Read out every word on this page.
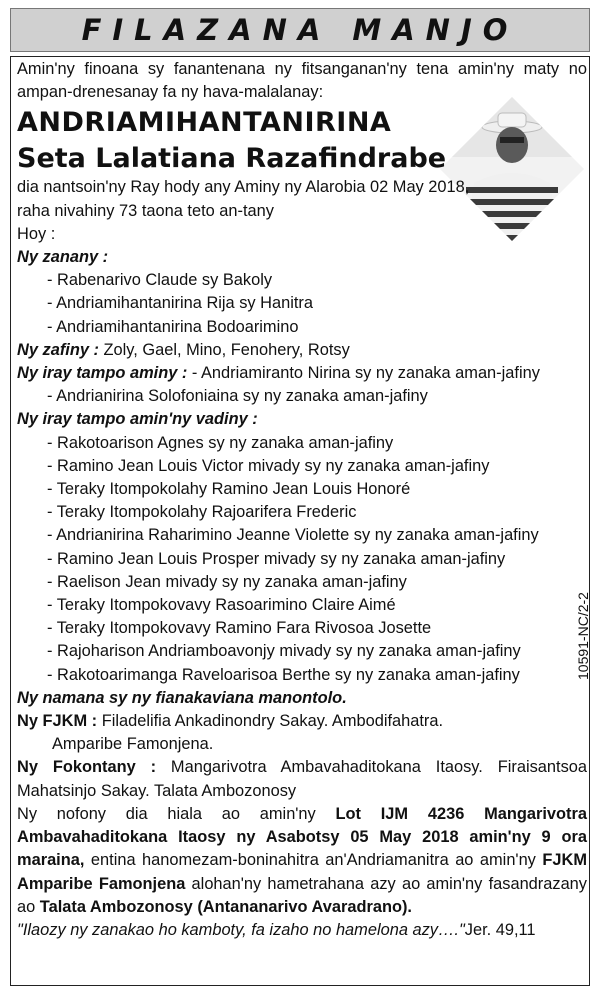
FILAZANA MANJO
10591-NC/2-2

Amin'ny finoana sy fanantenana ny fitsanganan'ny tena amin'ny maty no ampan-drenesanay fa ny hava-malalanay:

ANDRIAMIHANTANIRINA

Seta Lalatiana Razafindrabe

dia nantsoin'ny Ray hody any Aminy ny Alarobia 02 May 2018,

raha nivahiny 73 taona teto an-tany

Hoy :

Ny zanany :

- Rabenarivo Claude sy Bakoly

- Andriamihantanirina Rija sy Hanitra

- Andriamihantanirina Bodoarimino

Ny zafiny : Zoly, Gael, Mino, Fenohery, Rotsy

Ny iray tampo aminy : - Andriamiranto Nirina sy ny zanaka aman-jafiny

- Andrianirina Solofoniaina sy ny zanaka aman-jafiny

Ny iray tampo amin'ny vadiny :

- Rakotoarison Agnes sy ny zanaka aman-jafiny

- Ramino Jean Louis Victor mivady sy ny zanaka aman-jafiny

- Teraky Itompokolahy Ramino Jean Louis Honoré

- Teraky Itompokolahy Rajoarifera Frederic

- Andrianirina Raharimino Jeanne Violette sy ny zanaka aman-jafiny

- Ramino Jean Louis Prosper mivady sy ny zanaka aman-jafiny

- Raelison Jean mivady sy ny zanaka aman-jafiny

- Teraky Itompokovavy Rasoarimino Claire Aimé

- Teraky Itompokovavy Ramino Fara Rivosoa Josette

- Rajoharison Andriamboavonjy mivady sy ny zanaka aman-jafiny

- Rakotoarimanga Raveloarisoa Berthe sy ny zanaka aman-jafiny

Ny namana sy ny fianakaviana manontolo.

Ny FJKM : Filadelifia Ankadinondry Sakay. Ambodifahatra.

Amparibe Famonjena.

Ny Fokontany : Mangarivotra Ambavahaditokana Itaosy. Firaisantsoa Mahatsinjo Sakay. Talata Ambozonosy

Ny nofony dia hiala ao amin'ny Lot IJM 4236 Mangarivotra Ambavahaditokana Itaosy ny Asabotsy 05 May 2018 amin'ny 9 ora maraina, entina hanomezam-boninahitra an'Andriamanitra ao amin'ny FJKM Amparibe Famonjena alohan'ny hametrahana azy ao amin'ny fasandrazany ao Talata Ambozonosy (Antananarivo Avaradrano).

"Ilaozy ny zanakao ho kamboty, fa izaho no hamelona azy…."Jer. 49,11
